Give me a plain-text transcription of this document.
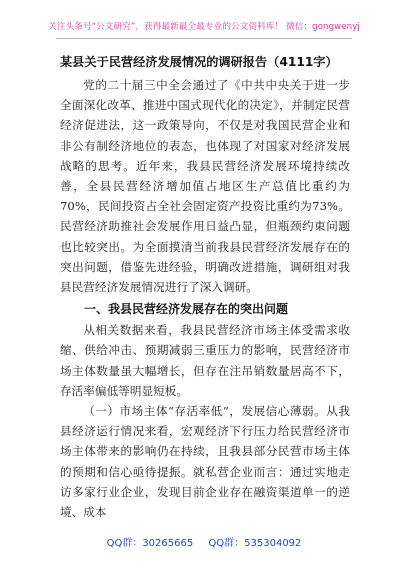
关注头条号“公文研究”，获得最新最全最专业的公文资料库！ 微信：gongwenyj
某县关于民营经济发展情况的调研报告（4111字）

党的二十届三中全会通过了《中共中央关于进一步全面深化改革、推进中国式现代化的决定》，并制定民营经济促进法，这一政策导向，不仅是对我国民营企业和非公有制经济地位的表态，也体现了对国家对经济发展战略的思考。近年来，我县民营经济发展环境持续改善，全县民营经济增加值占地区生产总值比重约为70%，民间投资占全社会固定资产投资比重约为73%。民营经济助推社会发展作用日益凸显，但瓶颈约束问题也比较突出。为全面摸清当前我县民营经济发展存在的突出问题，借鉴先进经验，明确改进措施，调研组对我县民营经济发展情况进行了深入调研。

一、我县民营经济发展存在的突出问题

从相关数据来看，我县民营经济市场主体受需求收缩、供给冲击、预期减弱三重压力的影响，民营经济市场主体数量虽大幅增长，但存在注吊销数量居高不下，存活率偏低等明显短板。

（一）市场主体“存活率低”，发展信心薄弱。从我县经济运行情况来看，宏观经济下行压力给民营经济市场主体带来的影响仍在持续，且我县部分民营市场主体的预期和信心亟待提振。就私营企业而言：通过实地走访多家行业企业，发现目前企业存在融资渠道单一的逆境、成本

QQ群：30265665 QQ群：535304092
